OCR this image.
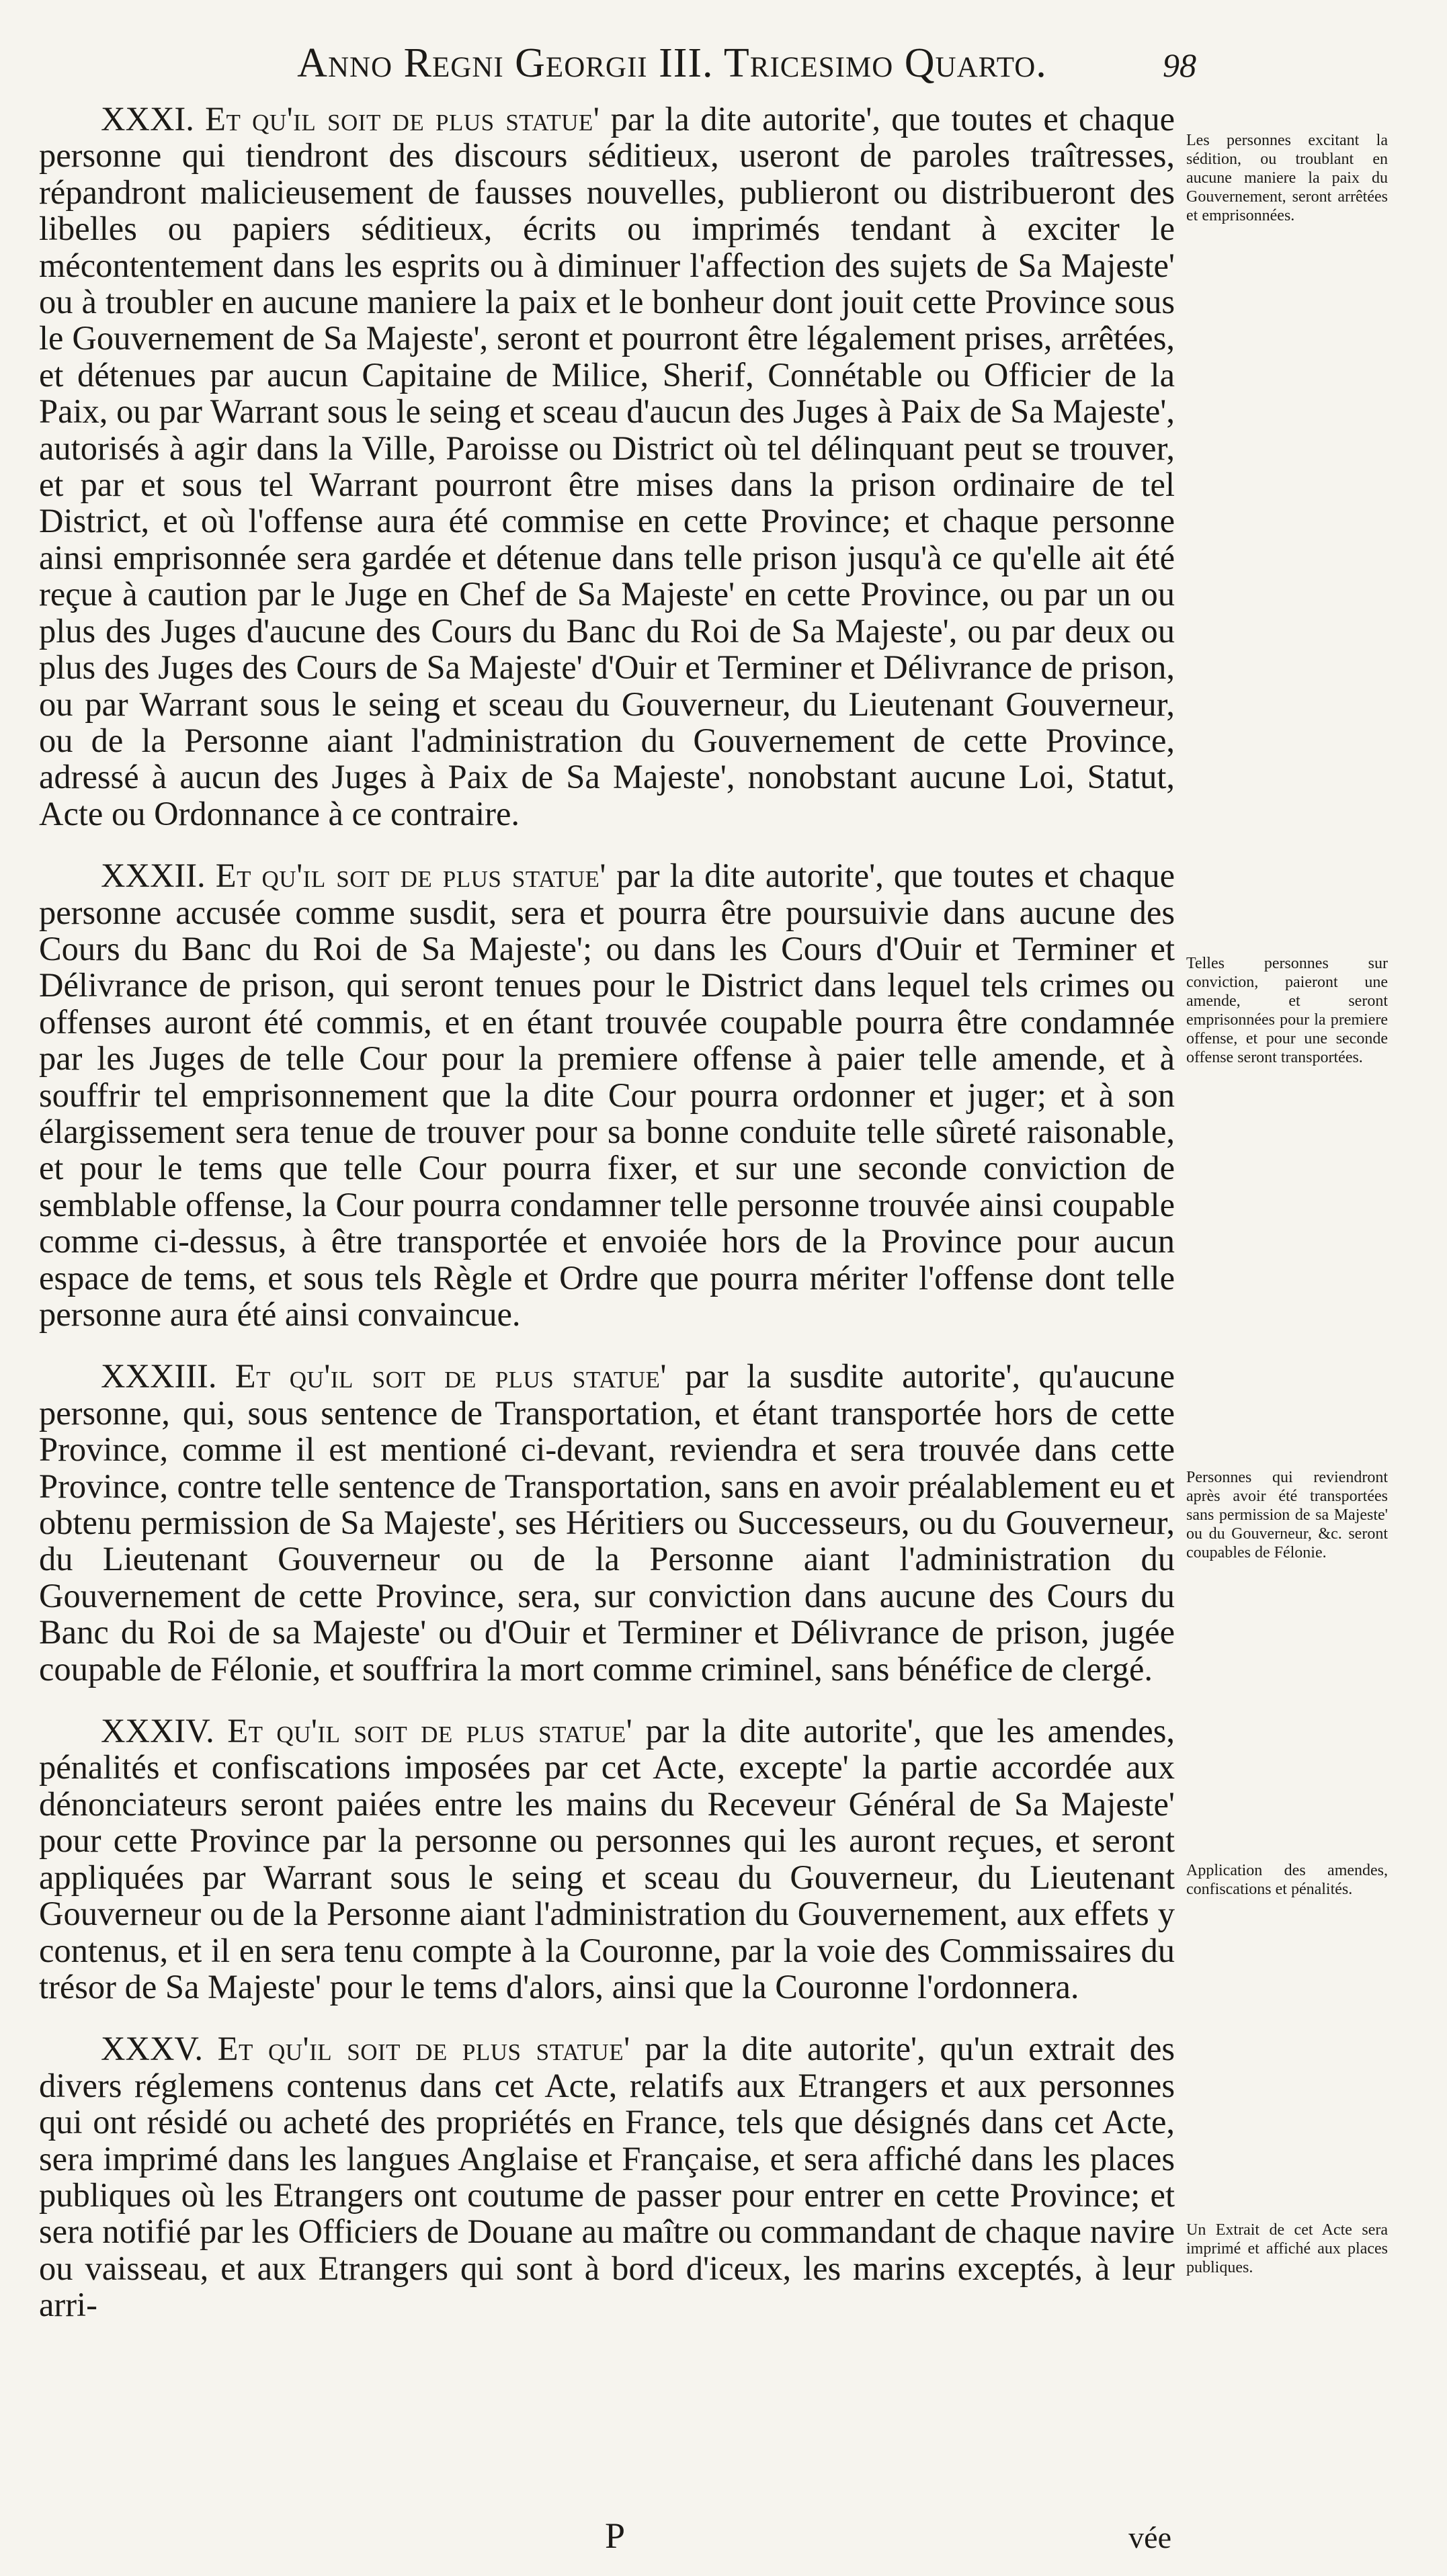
Anno Regni Georgii III. Tricesimo Quarto.	98

XXXI. Et qu'il soit de plus statue' par la dite autorite', que toutes et chaque personne qui tiendront des discours séditieux, useront de paroles traîtresses, répandront malicieusement de fausses nouvelles, publieront ou distribueront des libelles ou papiers séditieux, écrits ou imprimés tendant à exciter le mécontentement dans les esprits ou à diminuer l'affection des sujets de Sa Majeste' ou à troubler en aucune maniere la paix et le bonheur dont jouit cette Province sous le Gouvernement de Sa Majeste', seront et pourront être légalement prises, arrêtées, et détenues par aucun Capitaine de Milice, Sherif, Connétable ou Officier de la Paix, ou par Warrant sous le seing et sceau d'aucun des Juges à Paix de Sa Majeste', autorisés à agir dans la Ville, Paroisse ou District où tel délinquant peut se trouver, et par et sous tel Warrant pourront être mises dans la prison ordinaire de tel District, et où l'offense aura été commise en cette Province; et chaque personne ainsi emprisonnée sera gardée et détenue dans telle prison jusqu'à ce qu'elle ait été reçue à caution par le Juge en Chef de Sa Majeste' en cette Province, ou par un ou plus des Juges d'aucune des Cours du Banc du Roi de Sa Majeste', ou par deux ou plus des Juges des Cours de Sa Majeste' d'Ouir et Terminer et Délivrance de prison, ou par Warrant sous le seing et sceau du Gouverneur, du Lieutenant Gouverneur, ou de la Personne aiant l'administration du Gouvernement de cette Province, adressé à aucun des Juges à Paix de Sa Majeste', nonobstant aucune Loi, Statut, Acte ou Ordonnance à ce contraire.

XXXII. Et qu'il soit de plus statue' par la dite autorite', que toutes et chaque personne accusée comme susdit, sera et pourra être poursuivie dans aucune des Cours du Banc du Roi de Sa Majeste'; ou dans les Cours d'Ouir et Terminer et Délivrance de prison, qui seront tenues pour le District dans lequel tels crimes ou offenses auront été commis, et en étant trouvée coupable pourra être condamnée par les Juges de telle Cour pour la premiere offense à paier telle amende, et à souffrir tel emprisonnement que la dite Cour pourra ordonner et juger; et à son élargissement sera tenue de trouver pour sa bonne conduite telle sûreté raisonable, et pour le tems que telle Cour pourra fixer, et sur une seconde conviction de semblable offense, la Cour pourra condamner telle personne trouvée ainsi coupable comme ci-dessus, à être transportée et envoiée hors de la Province pour aucun espace de tems, et sous tels Règle et Ordre que pourra mériter l'offense dont telle personne aura été ainsi convaincue.

XXXIII. Et qu'il soit de plus statue' par la susdite autorite', qu'aucune personne, qui, sous sentence de Transportation, et étant transportée hors de cette Province, comme il est mentioné ci-devant, reviendra et sera trouvée dans cette Province, contre telle sentence de Transportation, sans en avoir préalablement eu et obtenu permission de Sa Majeste', ses Héritiers ou Successeurs, ou du Gouverneur, du Lieutenant Gouverneur ou de la Personne aiant l'administration du Gouvernement de cette Province, sera, sur conviction dans aucune des Cours du Banc du Roi de sa Majeste' ou d'Ouir et Terminer et Délivrance de prison, jugée coupable de Félonie, et souffrira la mort comme criminel, sans bénéfice de clergé.

XXXIV. Et qu'il soit de plus statue' par la dite autorite', que les amendes, pénalités et confiscations imposées par cet Acte, excepte' la partie accordée aux dénonciateurs seront paiées entre les mains du Receveur Général de Sa Majeste' pour cette Province par la personne ou personnes qui les auront reçues, et seront appliquées par Warrant sous le seing et sceau du Gouverneur, du Lieutenant Gouverneur ou de la Personne aiant l'administration du Gouvernement, aux effets y contenus, et il en sera tenu compte à la Couronne, par la voie des Commissaires du trésor de Sa Majeste' pour le tems d'alors, ainsi que la Couronne l'ordonnera.

XXXV. Et qu'il soit de plus statue' par la dite autorite', qu'un extrait des divers réglemens contenus dans cet Acte, relatifs aux Etrangers et aux personnes qui ont résidé ou acheté des propriétés en France, tels que désignés dans cet Acte, sera imprimé dans les langues Anglaise et Française, et sera affiché dans les places publiques où les Etrangers ont coutume de passer pour entrer en cette Province; et sera notifié par les Officiers de Douane au maître ou commandant de chaque navire ou vaisseau, et aux Etrangers qui sont à bord d'iceux, les marins exceptés, à leur arri-

Les personnes excitant la sédition, ou troublant en aucune maniere la paix du Gouvernement, seront arrêtées et emprisonnées.
Telles personnes sur conviction, paieront une amende, et seront emprisonnées pour la premiere offense, et pour une seconde offense seront transportées.
Personnes qui reviendront après avoir été transportées sans permission de sa Majeste' ou du Gouverneur, &c. seront coupables de Félonie.
Application des amendes, confiscations et pénalités.
Un Extrait de cet Acte sera imprimé et affiché aux places publiques.
P	vée
